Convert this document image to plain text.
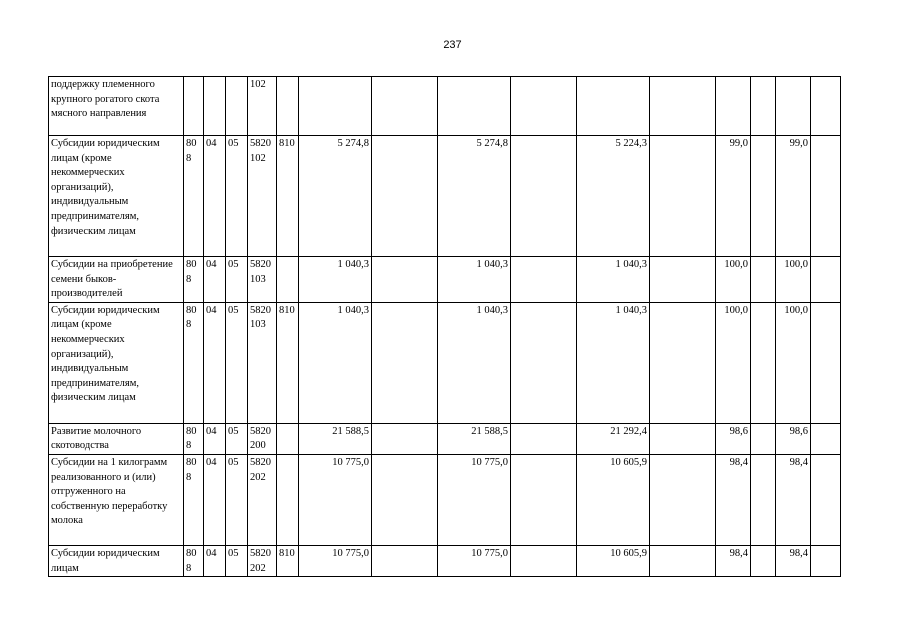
237
поддержку племенного крупного рогатого скота мясного направления				102											
Субсидии юридическим лицам (кроме некоммерческих организаций), индивидуальным предпринимателям, физическим лицам	808	04	05	5820 102	810	5 274,8		5 274,8		5 224,3		99,0		99,0	
Субсидии на приобретение семени быков-производителей	808	04	05	5820 103		1 040,3		1 040,3		1 040,3		100,0		100,0	
Субсидии юридическим лицам (кроме некоммерческих организаций), индивидуальным предпринимателям, физическим лицам	808	04	05	5820 103	810	1 040,3		1 040,3		1 040,3		100,0		100,0	
Развитие молочного скотоводства	808	04	05	5820 200		21 588,5		21 588,5		21 292,4		98,6		98,6	
Субсидии на 1 килограмм реализованного и (или) отгруженного на собственную переработку молока	808	04	05	5820 202		10 775,0		10 775,0		10 605,9		98,4		98,4	
Субсидии юридическим лицам	808	04	05	5820 202	810	10 775,0		10 775,0		10 605,9		98,4		98,4	
